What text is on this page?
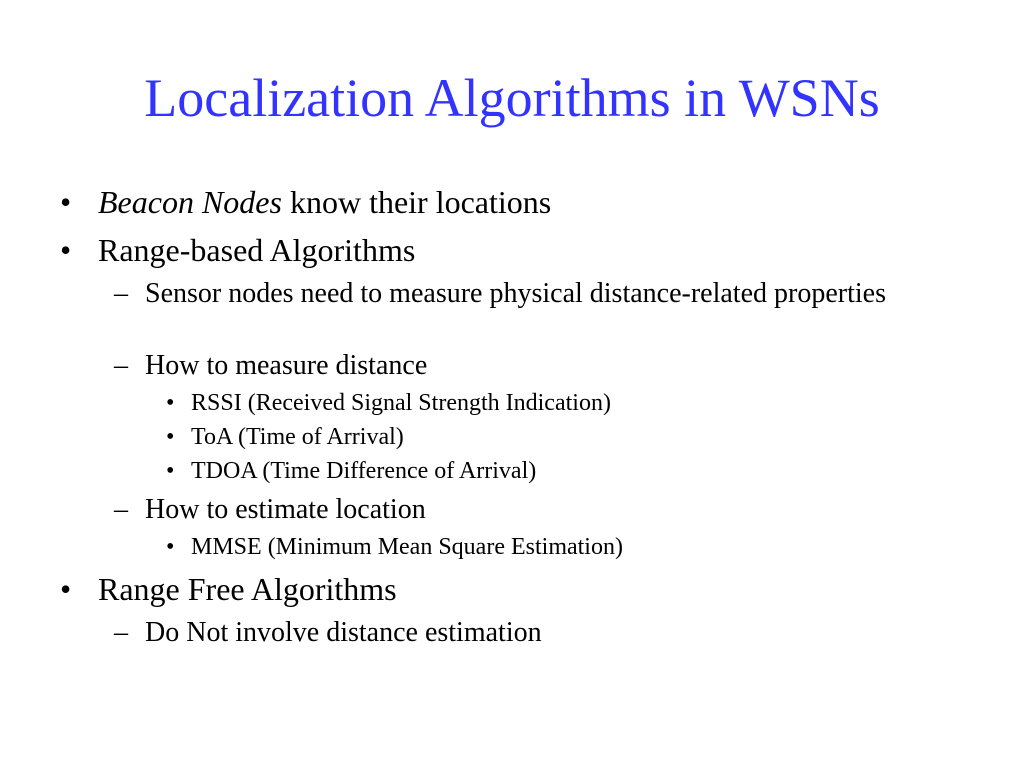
Localization Algorithms in WSNs
• Beacon Nodes know their locations
• Range-based Algorithms
– Sensor nodes need to measure physical distance-related properties
– How to measure distance
• RSSI (Received Signal Strength Indication)
• ToA (Time of Arrival)
• TDOA (Time Difference of Arrival)
– How to estimate location
• MMSE (Minimum Mean Square Estimation)
• Range Free Algorithms
– Do Not involve distance estimation
